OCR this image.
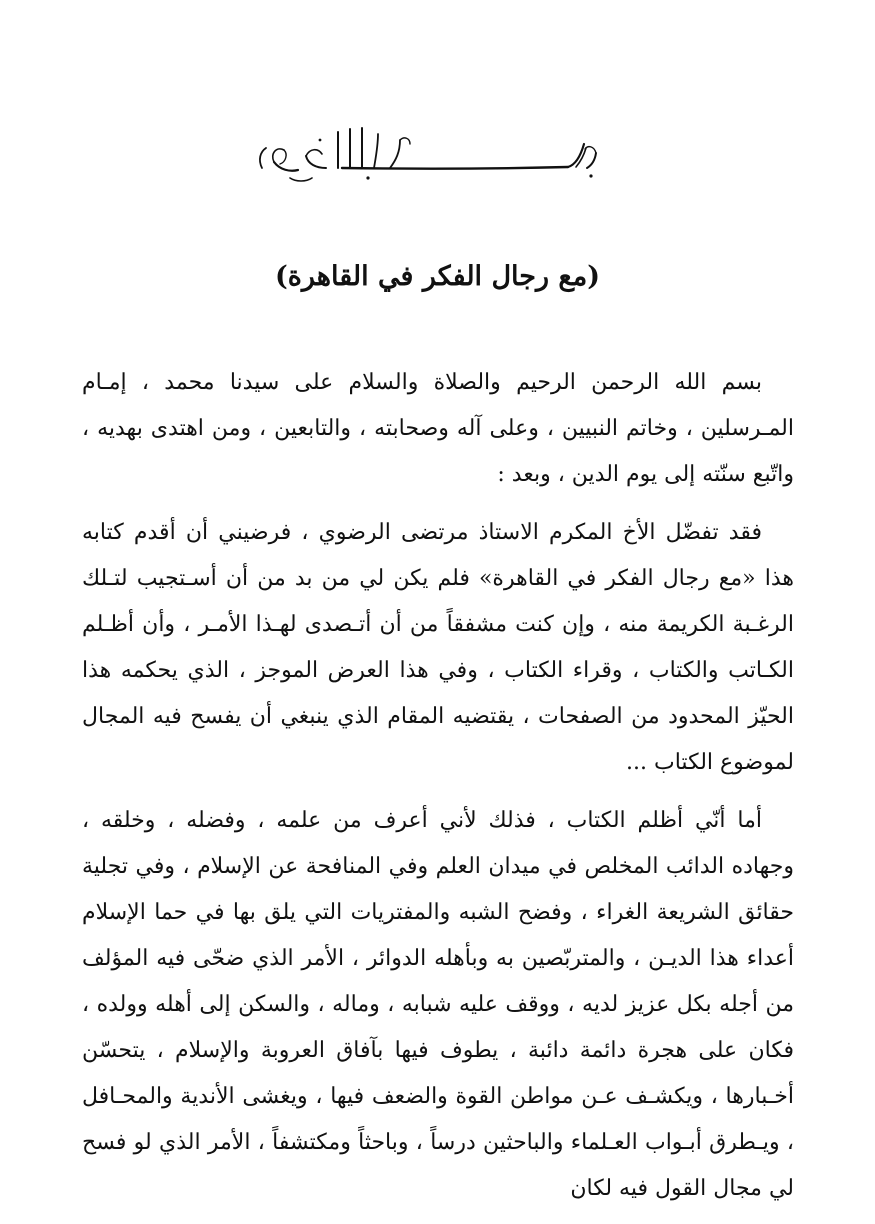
(مع رجال الفكر في القاهرة)

بسم الله الرحمن الرحيم والصلاة والسلام على سيدنا محمد ، إمـام المـرسلين ، وخاتم النبيين ، وعلى آله وصحابته ، والتابعين ، ومن اهتدى بهديه ، واتّبع سنّته إلى يوم الدين ، وبعد :

فقد تفضّل الأخ المكرم الاستاذ مرتضى الرضوي ، فرضيني أن أقدم كتابه هذا «مع رجال الفكر في القاهرة» فلم يكن لي من بد من أن أسـتجيب لتـلك الرغـبة الكريمة منه ، وإن كنت مشفقاً من أن أتـصدى لهـذا الأمـر ، وأن أظـلم الكـاتب والكتاب ، وقراء الكتاب ، وفي هذا العرض الموجز ، الذي يحكمه هذا الحيّز المحدود من الصفحات ، يقتضيه المقام الذي ينبغي أن يفسح فيه المجال لموضوع الكتاب ...

أما أنّي أظلم الكتاب ، فذلك لأني أعرف من علمه ، وفضله ، وخلقه ، وجهاده الدائب المخلص في ميدان العلم وفي المنافحة عن الإسلام ، وفي تجلية حقائق الشريعة الغراء ، وفضح الشبه والمفتريات التي يلق بها في حما الإسلام أعداء هذا الديـن ، والمتربّصين به وبأهله الدوائر ، الأمر الذي ضحّى فيه المؤلف من أجله بكل عزيز لديه ، ووقف عليه شبابه ، وماله ، والسكن إلى أهله وولده ، فكان على هجرة دائمة دائبة ، يطوف فيها بآفاق العروبة والإسلام ، يتحسّن أخـبارها ، ويكشـف عـن مواطن القوة والضعف فيها ، ويغشى الأندية والمحـافل ، ويـطرق أبـواب العـلماء والباحثين درساً ، وباحثاً ومكتشفاً ، الأمر الذي لو فسح لي مجال القول فيه لكان
